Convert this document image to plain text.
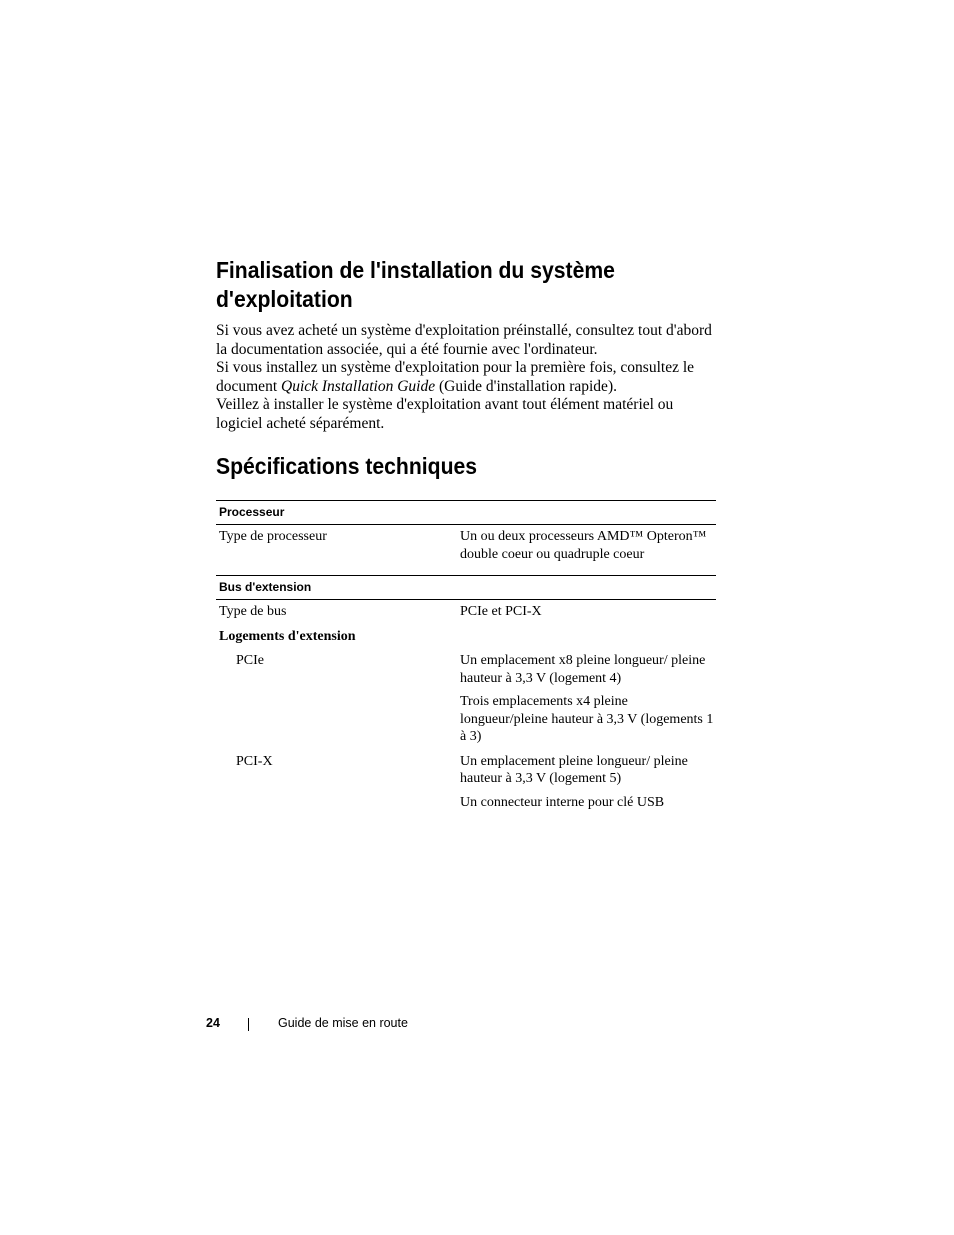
Finalisation de l'installation du système d'exploitation

Si vous avez acheté un système d'exploitation préinstallé, consultez tout d'abord la documentation associée, qui a été fournie avec l'ordinateur.

Si vous installez un système d'exploitation pour la première fois, consultez le document Quick Installation Guide (Guide d'installation rapide).

Veillez à installer le système d'exploitation avant tout élément matériel ou logiciel acheté séparément.

Spécifications techniques
Processeur
Type de processeur	Un ou deux processeurs AMD™ Opteron™ double coeur ou quadruple coeur
Bus d'extension
Type de bus	PCIe et PCI-X
Logements d'extension
PCIe	Un emplacement x8 pleine longueur/ pleine hauteur à 3,3 V (logement 4)
Trois emplacements x4 pleine longueur/pleine hauteur à 3,3 V (logements 1 à 3)
PCI-X	Un emplacement pleine longueur/ pleine hauteur à 3,3 V (logement 5)
Un connecteur interne pour clé USB
24	Guide de mise en route
